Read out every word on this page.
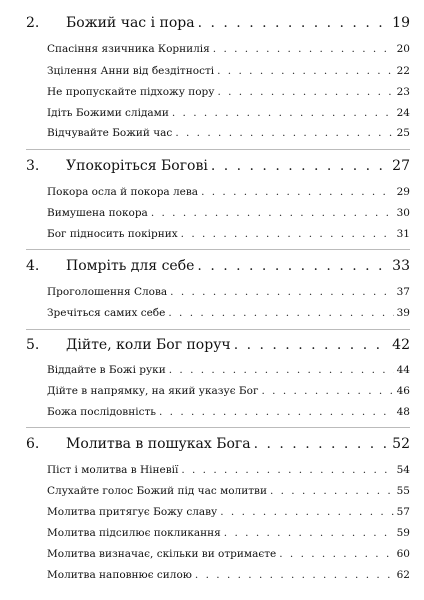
2.	Божий час і пора . . .	19
Спасіння язичника Корнилія . . .	20
Зцілення Анни від бездітності . . .	22
Не пропускайте підхожу пору . . .	23
Ідіть Божими слідами . . .	24
Відчувайте Божий час . . .	25
3.	Упокоріться Богові . . .	27
Покора осла й покора лева . . .	29
Вимушена покора . . .	30
Бог підносить покірних . . .	31
4.	Помріть для себе . . .	33
Проголошення Слова . . .	37
Зречіться самих себе . . .	39
5.	Дійте, коли Бог поруч . . .	42
Віддайте в Божі руки . . .	44
Дійте в напрямку, на який указує Бог . . .	46
Божа послідовність . . .	48
6.	Молитва в пошуках Бога . . .	52
Піст і молитва в Ніневії . . .	54
Слухайте голос Божий під час молитви . . .	55
Молитва притягує Божу славу . . .	57
Молитва підсилює покликання . . .	59
Молитва визначає, скільки ви отримаєте . . .	60
Молитва наповнює силою . . .	62
